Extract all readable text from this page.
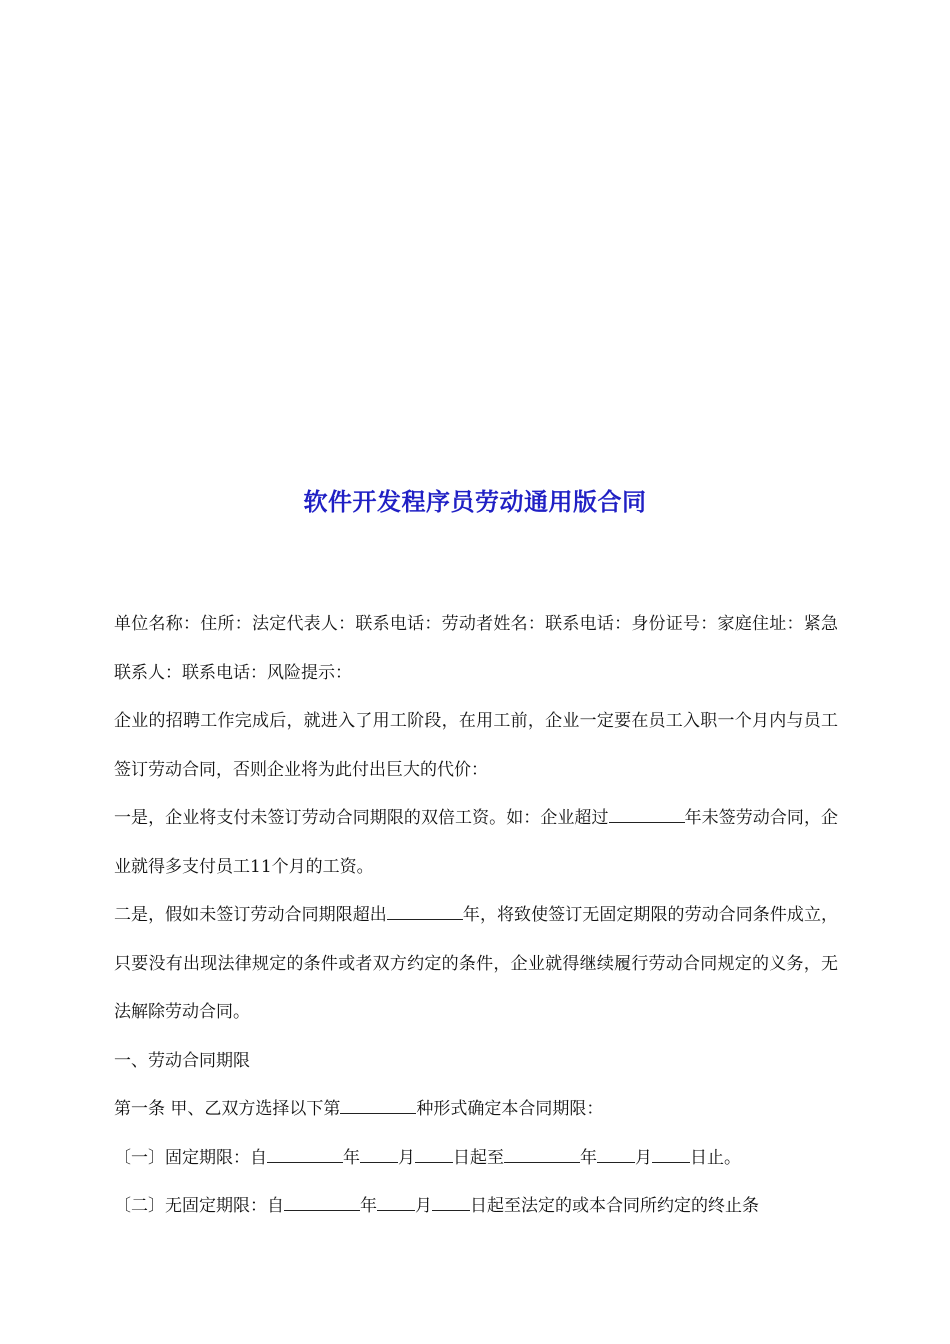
软件开发程序员劳动通用版合同

单位名称：住所：法定代表人：联系电话：劳动者姓名：联系电话：身份证号：家庭住址：紧急联系人：联系电话：风险提示：

企业的招聘工作完成后，就进入了用工阶段，在用工前，企业一定要在员工入职一个月内与员工签订劳动合同，否则企业将为此付出巨大的代价：

一是，企业将支付未签订劳动合同期限的双倍工资。如：企业超过	年未签劳动合同，企业就得多支付员工11个月的工资。

二是，假如未签订劳动合同期限超出	年，将致使签订无固定期限的劳动合同条件成立，只要没有出现法律规定的条件或者双方约定的条件，企业就得继续履行劳动合同规定的义务，无法解除劳动合同。

一、劳动合同期限

第一条 甲、乙双方选择以下第	种形式确定本合同期限：

〔一〕固定期限：自	年 月 日起至	年 月 日止。

〔二〕无固定期限：自	年 月 日起至法定的或本合同所约定的终止条
